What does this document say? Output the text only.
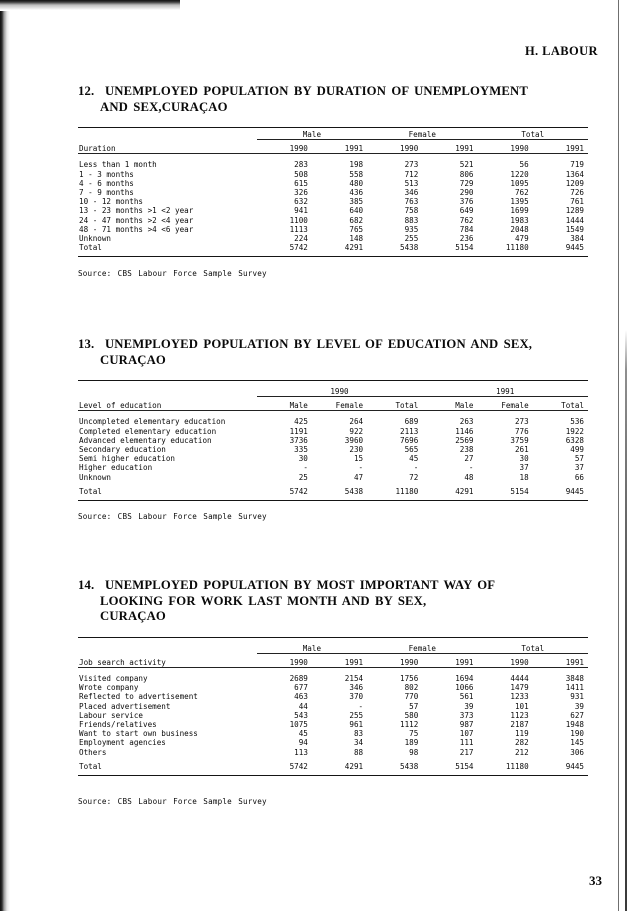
H. LABOUR
12. UNEMPLOYED POPULATION BY DURATION OF UNEMPLOYMENT
AND SEX,CURAÇAO

	Male		Female		Total	

Duration	1990	1991	1990	1991	1990	1991

Less than 1 month	283	198	273	521	56	719
1 - 3 months	508	558	712	806	1220	1364
4 - 6 months	615	480	513	729	1095	1209
7 - 9 months	326	436	346	290	762	726
10 - 12 months	632	385	763	376	1395	761
13 - 23 months >1 <2 year	941	640	758	649	1699	1289
24 - 47 months >2 <4 year	1100	682	883	762	1983	1444
48 - 71 months >4 <6 year	1113	765	935	784	2048	1549
Unknown	224	148	255	236	479	384
Total	5742	4291	5438	5154	11180	9445

Source: CBS Labour Force Sample Survey
13. UNEMPLOYED POPULATION BY LEVEL OF EDUCATION AND SEX,
CURAÇAO

	1990			1991		

Level of education	Male	Female	Total	Male	Female	Total

Uncompleted elementary education	425	264	689	263	273	536
Completed elementary education	1191	922	2113	1146	776	1922
Advanced elementary education	3736	3960	7696	2569	3759	6328
Secondary education	335	230	565	238	261	499
Semi higher education	30	15	45	27	30	57
Higher education	-	-	-	-	37	37
Unknown	25	47	72	48	18	66

Total	5742	5438	11180	4291	5154	9445

Source: CBS Labour Force Sample Survey
14. UNEMPLOYED POPULATION BY MOST IMPORTANT WAY OF
LOOKING FOR WORK LAST MONTH AND BY SEX,
CURAÇAO

	Male		Female		Total	

Job search activity	1990	1991	1990	1991	1990	1991

Visited company	2689	2154	1756	1694	4444	3848
Wrote company	677	346	802	1066	1479	1411
Reflected to advertisement	463	370	770	561	1233	931
Placed advertisement	44	-	57	39	101	39
Labour service	543	255	580	373	1123	627
Friends/relatives	1075	961	1112	987	2187	1948
Want to start own business	45	83	75	107	119	190
Employment agencies	94	34	189	111	282	145
Others	113	88	98	217	212	306

Total	5742	4291	5438	5154	11180	9445

Source: CBS Labour Force Sample Survey
33
